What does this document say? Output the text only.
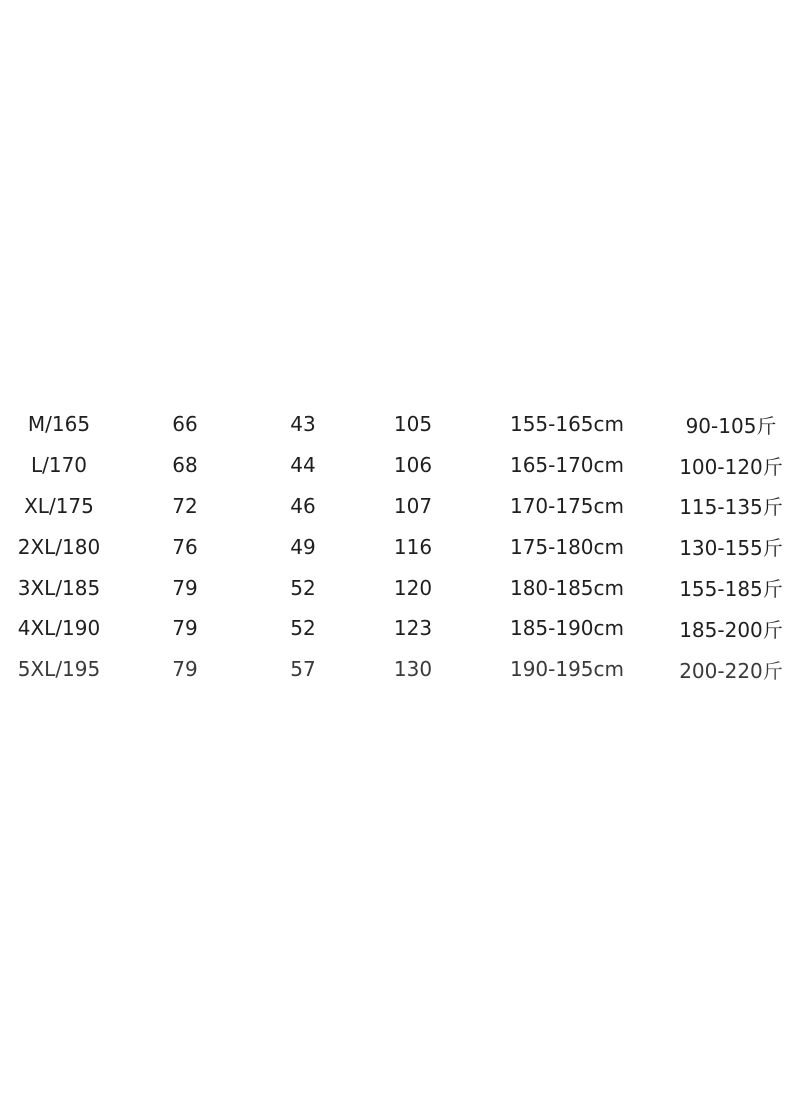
M/165	66	43	105	155-165cm	90-105斤
L/170	68	44	106	165-170cm	100-120斤
XL/175	72	46	107	170-175cm	115-135斤
2XL/180	76	49	116	175-180cm	130-155斤
3XL/185	79	52	120	180-185cm	155-185斤
4XL/190	79	52	123	185-190cm	185-200斤
5XL/195	79	57	130	190-195cm	200-220斤
